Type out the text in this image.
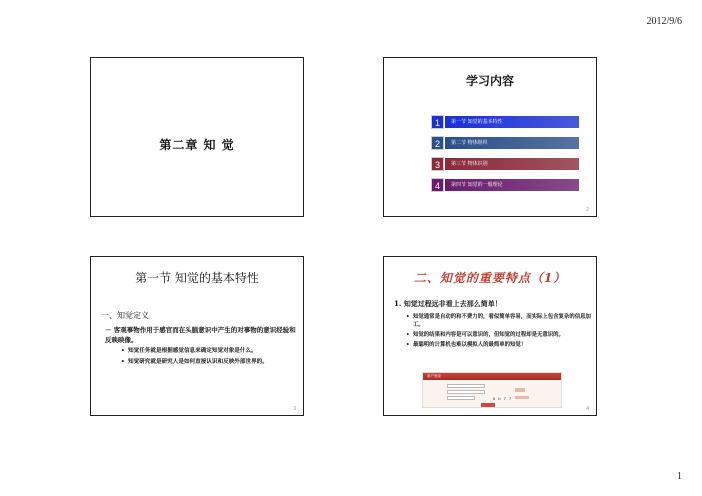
2012/9/6
第二章 知 觉
学习内容
1	第一节 知觉的基本特性
2	第二节 物体组织
3	第三节 物体识别
4	第四节 知觉的一般理论
2
第一节 知觉的基本特性
一、知觉定义
－ 客观事物作用于感官而在头脑意识中产生的对事物的意识经验和反映映像。
• 知觉任务就是根据感觉信息来确定知觉对象是什么。
• 知觉研究就是研究人是如何直接认识和反映外部世界的。
3
二、知觉的重要特点（1）
1. 知觉过程远非看上去那么简单！
• 知觉通常是自动的和不费力的，看似简单容易，而实际上包含复杂的信息加工。
• 知觉的结果和内容是可以意识的，但知觉的过程却是无意识的。
• 最聪明的计算机也难以模拟人的最简单的知觉！
用户登录
6 b 7 7
4
1
